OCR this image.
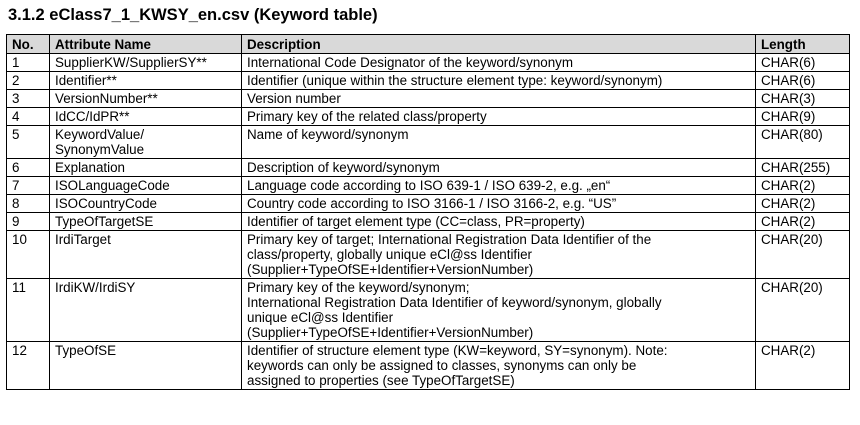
3.1.2 eClass7_1_KWSY_en.csv (Keyword table)
No.	Attribute Name	Description	Length
1	SupplierKW/SupplierSY**	International Code Designator of the keyword/synonym	CHAR(6)
2	Identifier**	Identifier (unique within the structure element type: keyword/synonym)	CHAR(6)
3	VersionNumber**	Version number	CHAR(3)
4	IdCC/IdPR**	Primary key of the related class/property	CHAR(9)
5	KeywordValue/
SynonymValue	Name of keyword/synonym	CHAR(80)
6	Explanation	Description of keyword/synonym	CHAR(255)
7	ISOLanguageCode	Language code according to ISO 639-1 / ISO 639-2, e.g. „en“	CHAR(2)
8	ISOCountryCode	Country code according to ISO 3166-1 / ISO 3166-2, e.g. “US”	CHAR(2)
9	TypeOfTargetSE	Identifier of target element type (CC=class, PR=property)	CHAR(2)
10	IrdiTarget	Primary key of target; International Registration Data Identifier of the
class/property, globally unique eCl@ss Identifier
(Supplier+TypeOfSE+Identifier+VersionNumber)	CHAR(20)
11	IrdiKW/IrdiSY	Primary key of the keyword/synonym;
International Registration Data Identifier of keyword/synonym, globally
unique eCl@ss Identifier
(Supplier+TypeOfSE+Identifier+VersionNumber)	CHAR(20)
12	TypeOfSE	Identifier of structure element type (KW=keyword, SY=synonym). Note:
keywords can only be assigned to classes, synonyms can only be
assigned to properties (see TypeOfTargetSE)	CHAR(2)
